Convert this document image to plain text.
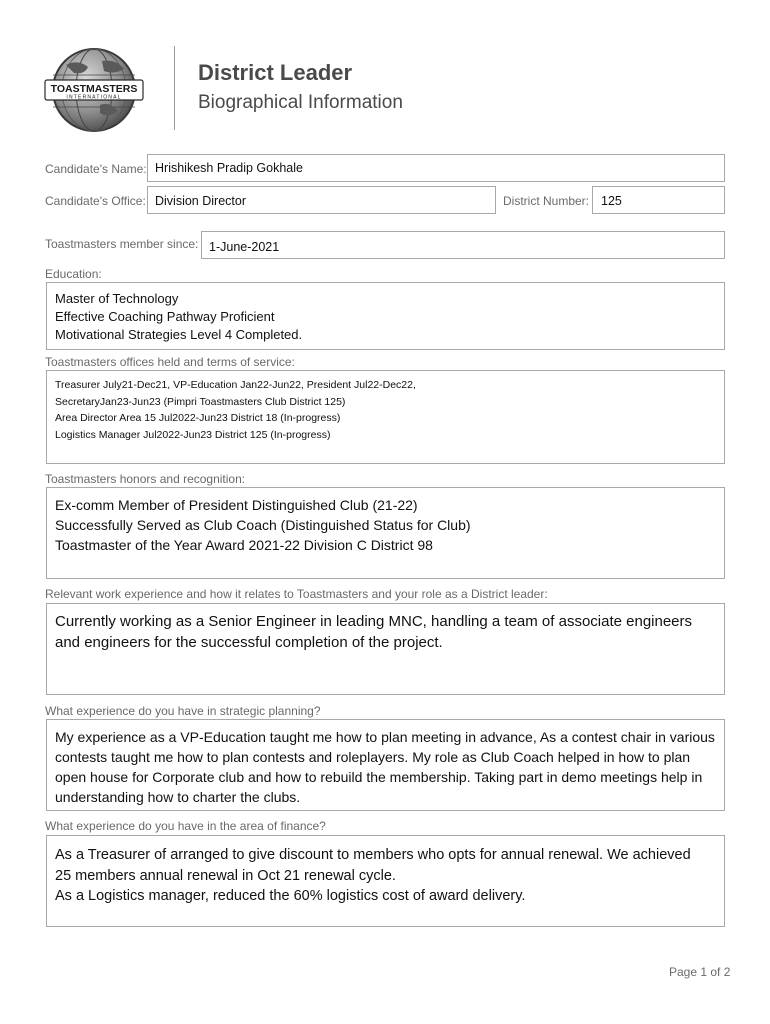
TOASTMASTERS
INTERNATIONAL
District Leader
Biographical Information
Candidate's Name: Hrishikesh Pradip Gokhale
Candidate's Office: Division Director	District Number: 125
Toastmasters member since: 1-June-2021
Education:
Master of Technology
Effective Coaching Pathway Proficient
Motivational Strategies Level 4 Completed.
Toastmasters offices held and terms of service:
Treasurer July21-Dec21, VP-Education Jan22-Jun22, President Jul22-Dec22,
SecretaryJan23-Jun23 (Pimpri Toastmasters Club District 125)
Area Director Area 15 Jul2022-Jun23 District 18 (In-progress)
Logistics Manager Jul2022-Jun23 District 125 (In-progress)
Toastmasters honors and recognition:
Ex-comm Member of President Distinguished Club (21-22)
Successfully Served as Club Coach (Distinguished Status for Club)
Toastmaster of the Year Award 2021-22 Division C District 98
Relevant work experience and how it relates to Toastmasters and your role as a District leader:
Currently working as a Senior Engineer in leading MNC, handling a team of associate engineers
and engineers for the successful completion of the project.
What experience do you have in strategic planning?
My experience as a VP-Education taught me how to plan meeting in advance, As a contest chair in various
contests taught me how to plan contests and roleplayers. My role as Club Coach helped in how to plan
open house for Corporate club and how to rebuild the membership. Taking part in demo meetings help in
understanding how to charter the clubs.
What experience do you have in the area of finance?
As a Treasurer of arranged to give discount to members who opts for annual renewal. We achieved
25 members annual renewal in Oct 21 renewal cycle.
As a Logistics manager, reduced the 60% logistics cost of award delivery.
Page 1 of 2
